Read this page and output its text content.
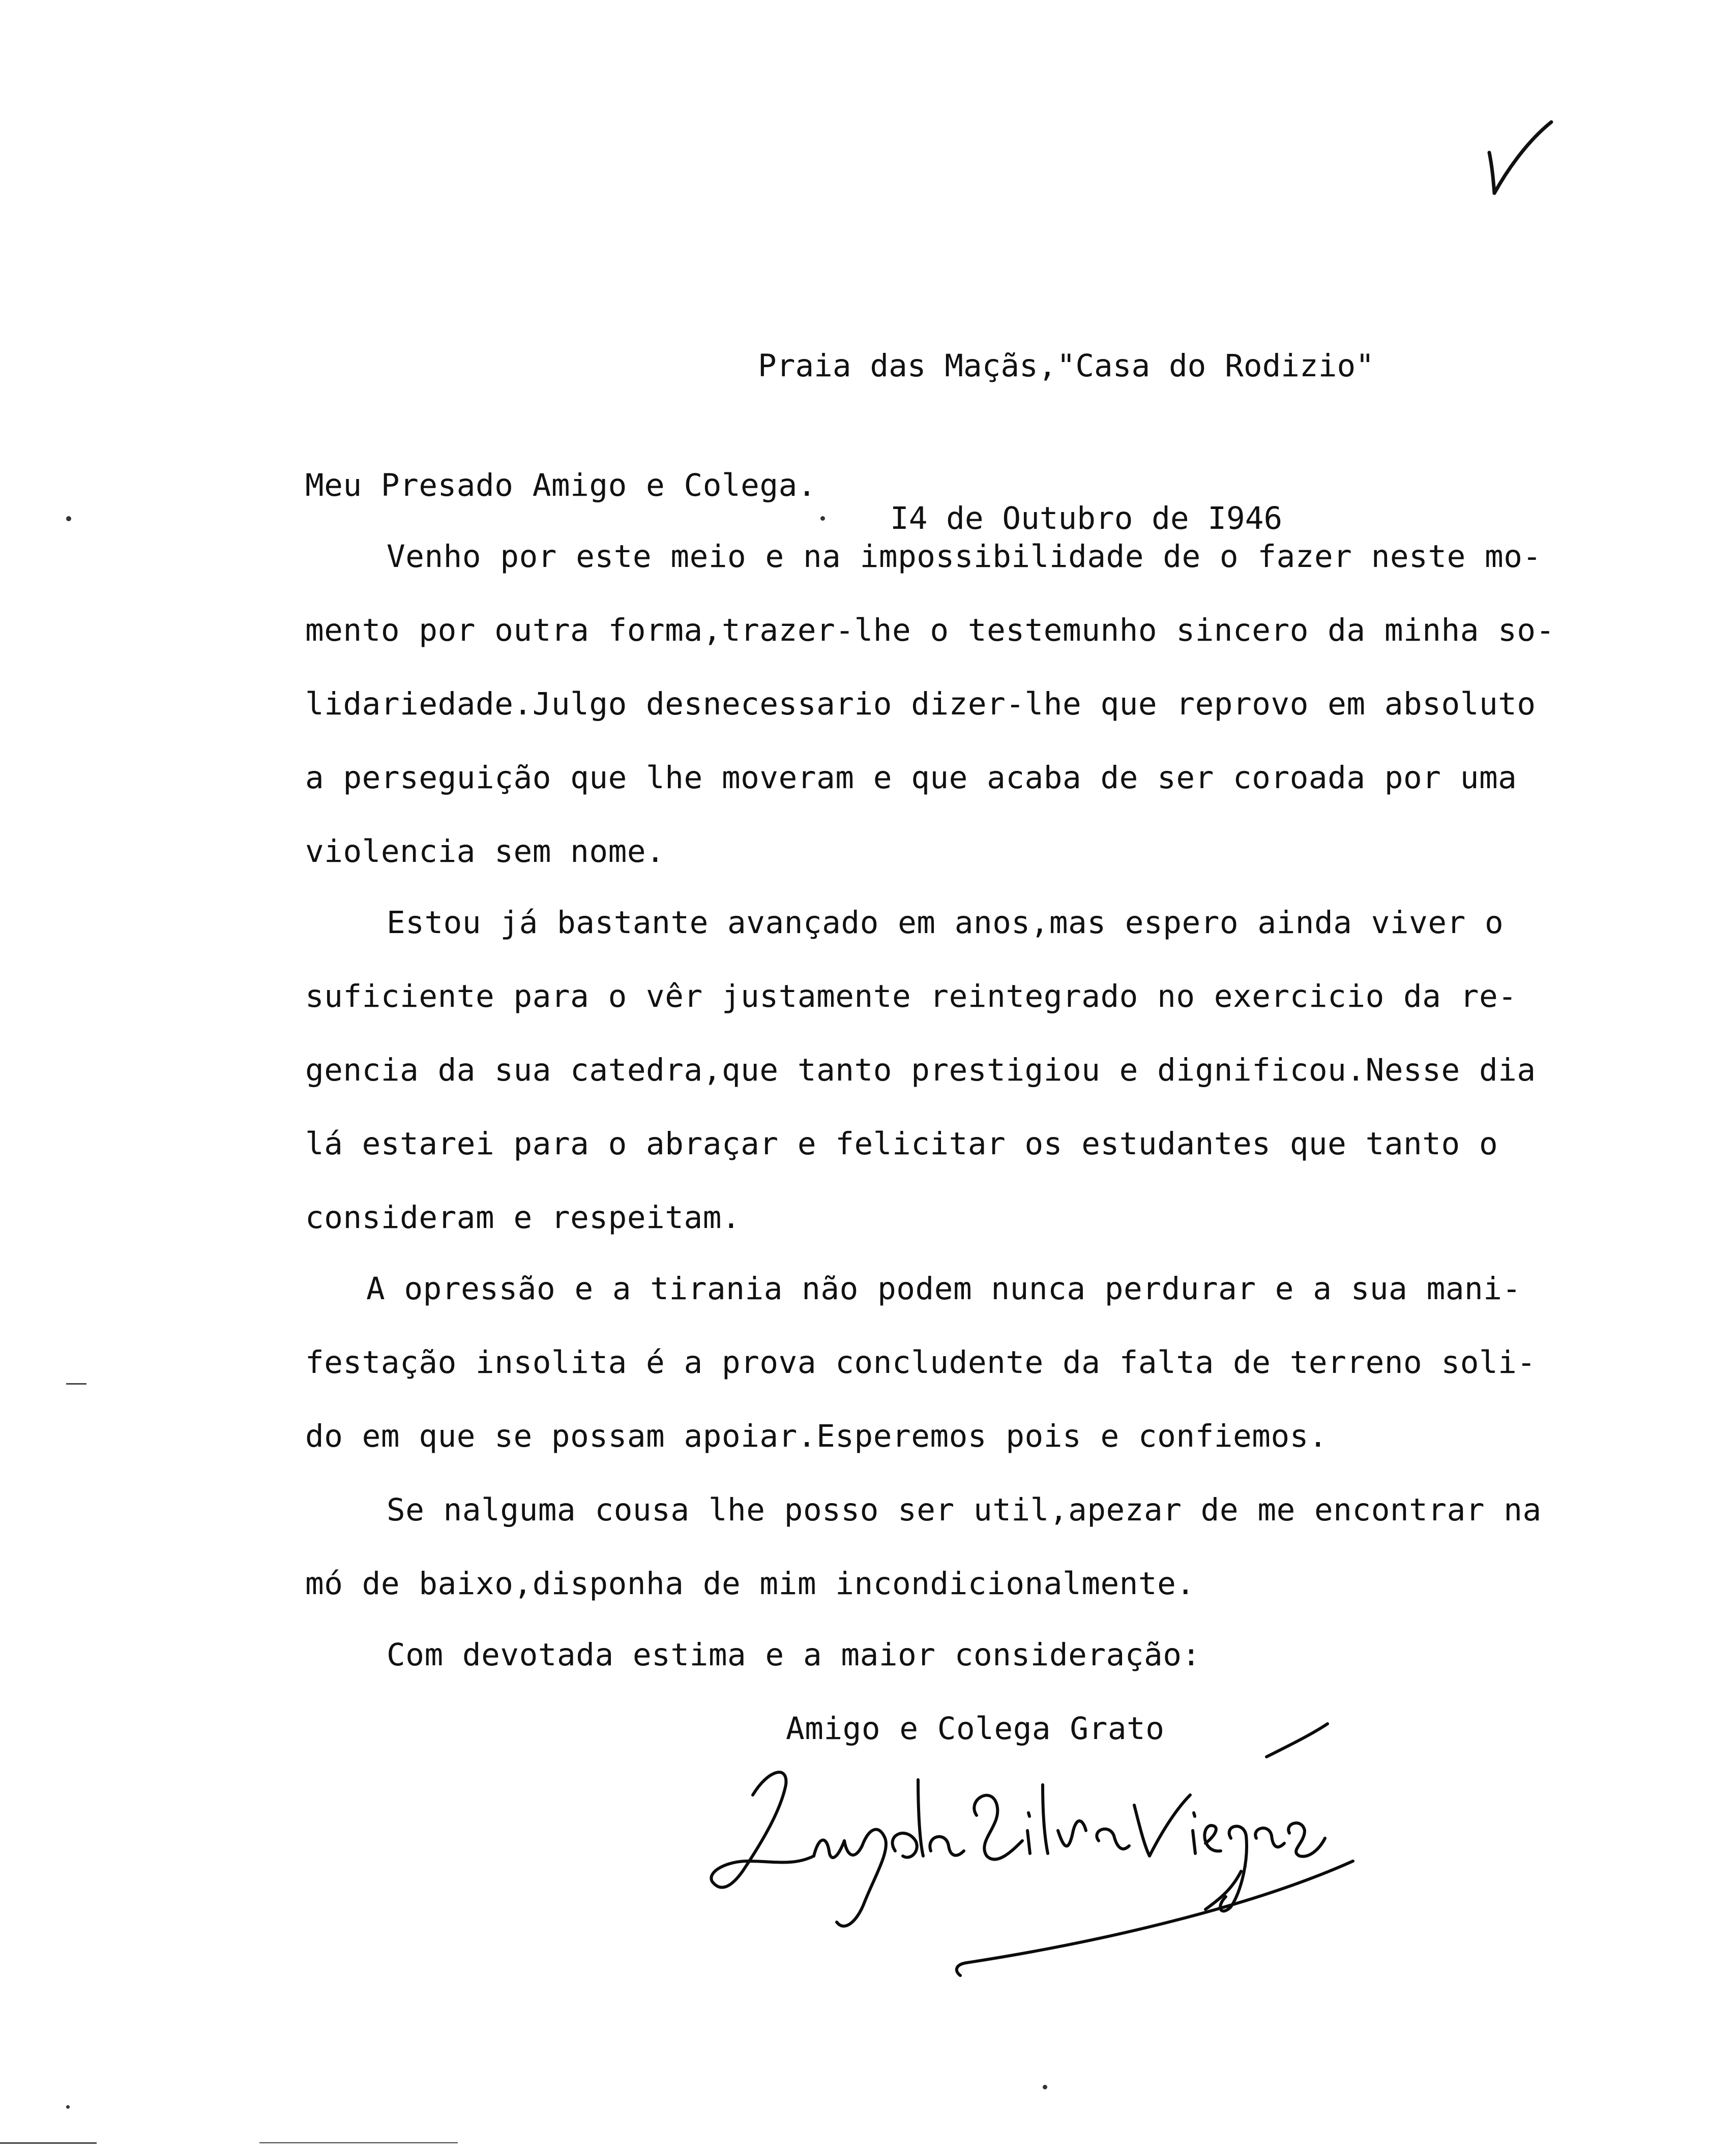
Praia das Maçãs,"Casa do Rodizio"

I4 de Outubro de I946

Meu Presado Amigo e Colega.
Venho por este meio e na impossibilidade de o fazer neste mo-
mento por outra forma,trazer-lhe o testemunho sincero da minha so-
lidariedade.Julgo desnecessario dizer-lhe que reprovo em absoluto
a perseguição que lhe moveram e que acaba de ser coroada por uma
violencia sem nome.
Estou já bastante avançado em anos,mas espero ainda viver o
suficiente para o vêr justamente reintegrado no exercicio da re-
gencia da sua catedra,que tanto prestigiou e dignificou.Nesse dia
lá estarei para o abraçar e felicitar os estudantes que tanto o
consideram e respeitam.
A opressão e a tirania não podem nunca perdurar e a sua mani-
festação insolita é a prova concludente da falta de terreno soli-
do em que se possam apoiar.Esperemos pois e confiemos.
Se nalguma cousa lhe posso ser util,apezar de me encontrar na
mó de baixo,disponha de mim incondicionalmente.
Com devotada estima e a maior consideração:
Amigo e Colega Grato
